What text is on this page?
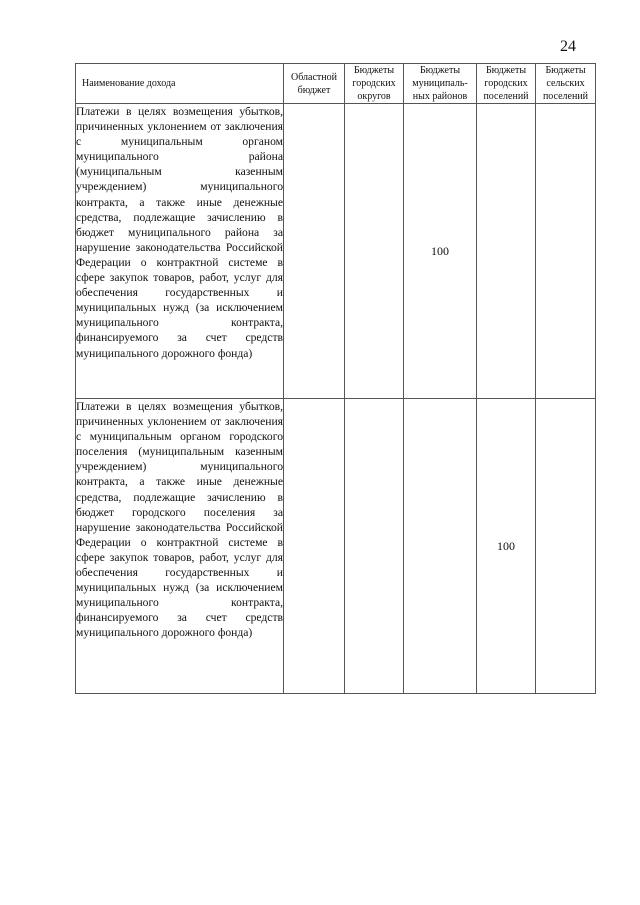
24
Наименование дохода	Областной бюджет	Бюджеты городских округов	Бюджеты муниципаль-ных районов	Бюджеты городских поселений	Бюджеты сельских поселений
Платежи в целях возмещения убытков, причиненных уклонением от заключения с муниципальным органом муниципального района (муниципальным казенным учреждением) муниципального контракта, а также иные денежные средства, подлежащие зачислению в бюджет муниципального района за нарушение законодательства Российской Федерации о контрактной системе в сфере закупок товаров, работ, услуг для обеспечения государственных и муниципальных нужд (за исключением муниципального контракта, финансируемого за счет средств муниципального дорожного фонда)			100		
Платежи в целях возмещения убытков, причиненных уклонением от заключения с муниципальным органом городского поселения (муниципальным казенным учреждением) муниципального контракта, а также иные денежные средства, подлежащие зачислению в бюджет городского поселения за нарушение законодательства Российской Федерации о контрактной системе в сфере закупок товаров, работ, услуг для обеспечения государственных и муниципальных нужд (за исключением муниципального контракта, финансируемого за счет средств муниципального дорожного фонда)				100	
